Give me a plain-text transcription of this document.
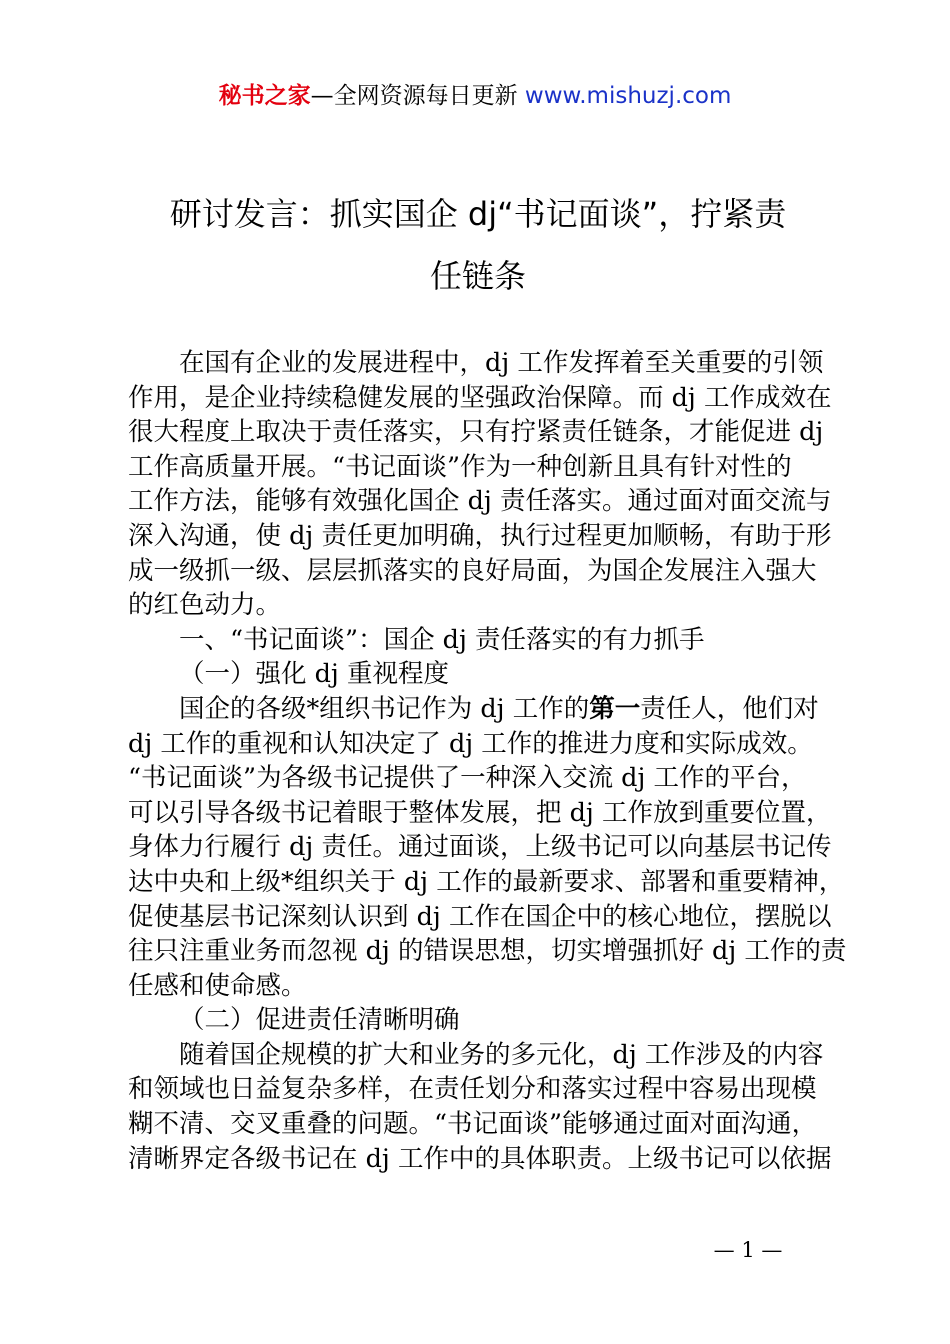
秘书之家—全网资源每日更新 www.mishuzj.com
研讨发言：抓实国企 dj“书记面谈”，拧紧责
任链条
在国有企业的发展进程中，dj 工作发挥着至关重要的引领
作用，是企业持续稳健发展的坚强政治保障。而 dj 工作成效在
很大程度上取决于责任落实，只有拧紧责任链条，才能促进 dj
工作高质量开展。“书记面谈”作为一种创新且具有针对性的
工作方法，能够有效强化国企 dj 责任落实。通过面对面交流与
深入沟通，使 dj 责任更加明确，执行过程更加顺畅，有助于形
成一级抓一级、层层抓落实的良好局面，为国企发展注入强大
的红色动力。
一、“书记面谈”：国企 dj 责任落实的有力抓手
（一）强化 dj 重视程度
国企的各级*组织书记作为 dj 工作的第一责任人，他们对
dj 工作的重视和认知决定了 dj 工作的推进力度和实际成效。
“书记面谈”为各级书记提供了一种深入交流 dj 工作的平台，
可以引导各级书记着眼于整体发展，把 dj 工作放到重要位置，
身体力行履行 dj 责任。通过面谈，上级书记可以向基层书记传
达中央和上级*组织关于 dj 工作的最新要求、部署和重要精神，
促使基层书记深刻认识到 dj 工作在国企中的核心地位，摆脱以
往只注重业务而忽视 dj 的错误思想，切实增强抓好 dj 工作的责
任感和使命感。
（二）促进责任清晰明确
随着国企规模的扩大和业务的多元化，dj 工作涉及的内容
和领域也日益复杂多样，在责任划分和落实过程中容易出现模
糊不清、交叉重叠的问题。“书记面谈”能够通过面对面沟通，
清晰界定各级书记在 dj 工作中的具体职责。上级书记可以依据
— 1 —
